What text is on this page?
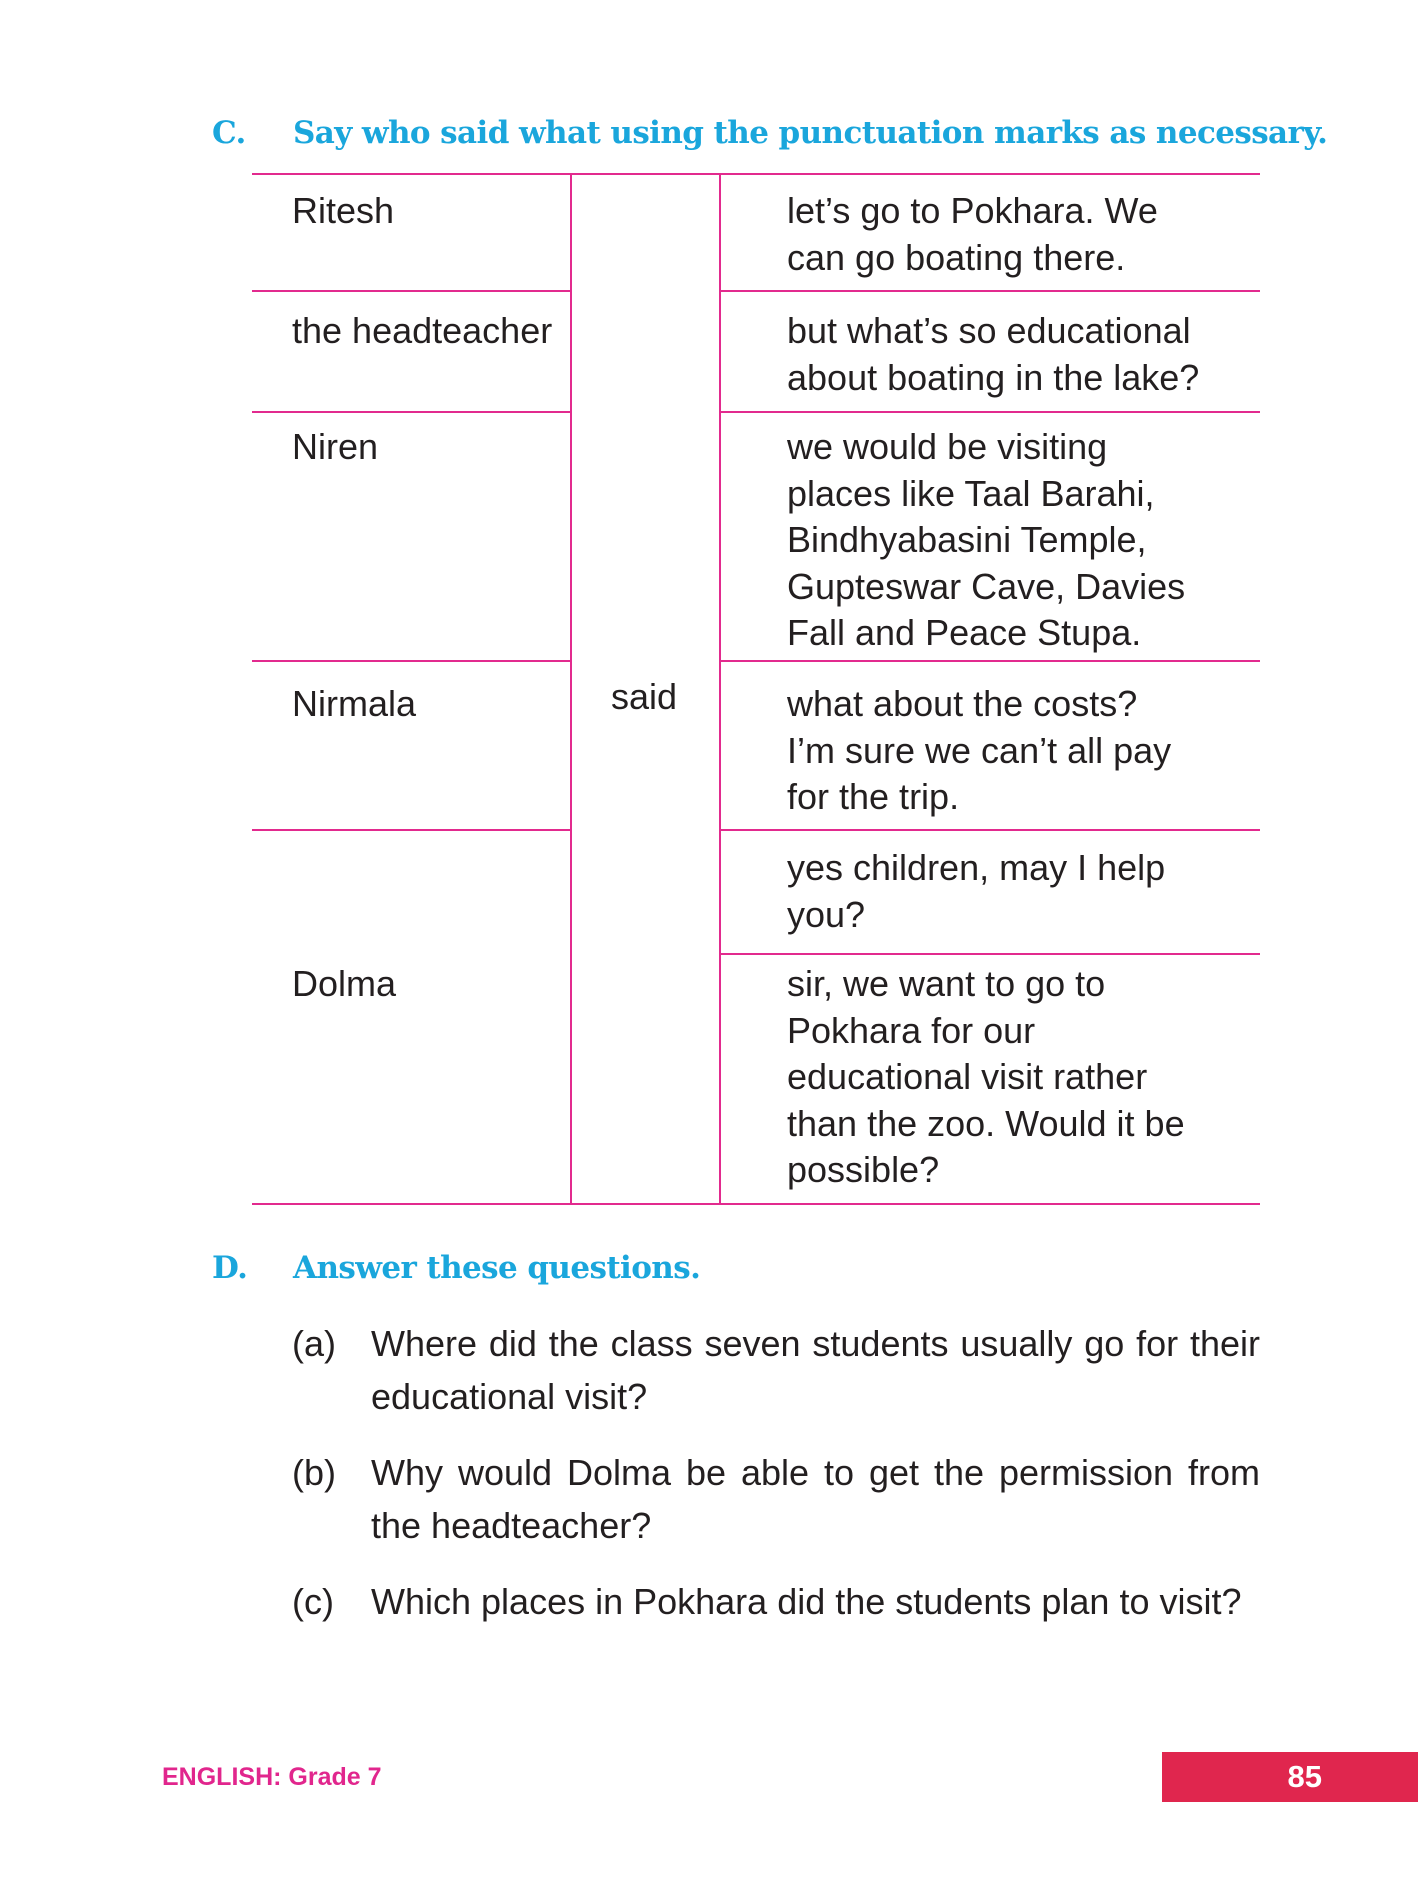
C. Say who said what using the punctuation marks as necessary.
Ritesh
the headteacher
Niren
Nirmala
Dolma
said
let’s go to Pokhara. We
can go boating there.
but what’s so educational
about boating in the lake?
we would be visiting
places like Taal Barahi,
Bindhyabasini Temple,
Gupteswar Cave, Davies
Fall and Peace Stupa.
what about the costs?
I’m sure we can’t all pay
for the trip.
yes children, may I help
you?
sir, we want to go to
Pokhara for our
educational visit rather
than the zoo. Would it be
possible?
D. Answer these questions.
(a) Where did the class seven students usually go for their educational visit?
(b) Why would Dolma be able to get the permission from the headteacher?
(c) Which places in Pokhara did the students plan to visit?
ENGLISH: Grade 7	85
